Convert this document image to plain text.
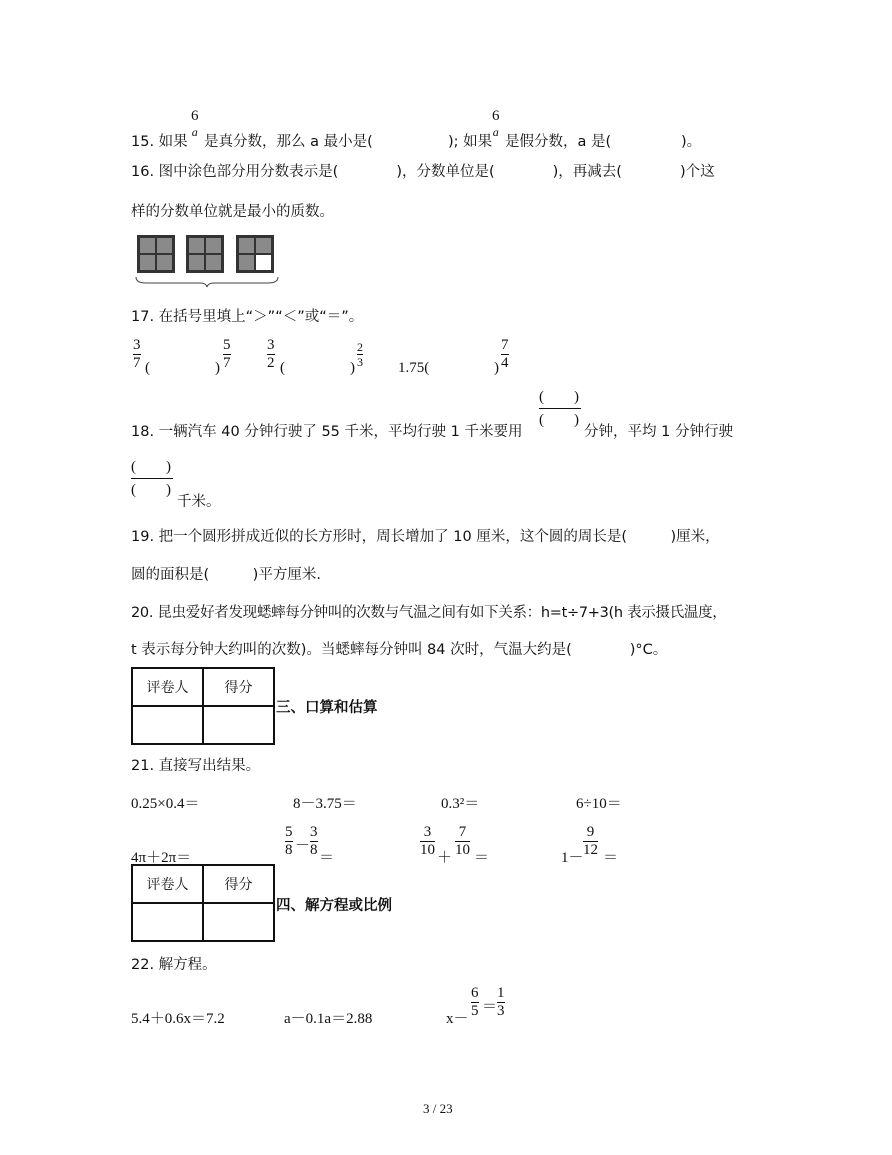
15. 如果
6
a
是真分数，那么 a 最小是(	); 如果
6
a
是假分数，a 是(	)。
16. 图中涂色部分用分数表示是(　　　　)，分数单位是(　　　　)，再减去(　　　　)个这
样的分数单位就是最小的质数。
17. 在括号里填上“＞”“＜”或“＝”。
3
7 (	)
5
7
3
2 (	)
2
3 1.75(	)
7
4
18. 一辆汽车 40 分钟行驶了 55 千米，平均行驶 1 千米要用
(　　)
(　　)
分钟，平均 1 分钟行驶
(　　)
(　　)
千米。
19. 把一个圆形拼成近似的长方形时，周长增加了 10 厘米，这个圆的周长是(　　　)厘米，
圆的面积是(　　　)平方厘米.
20. 昆虫爱好者发现蟋蟀每分钟叫的次数与气温之间有如下关系：h=t÷7+3(h 表示摄氏温度，
t 表示每分钟大约叫的次数)。当蟋蟀每分钟叫 84 次时，气温大约是(　　　　)°C。
评卷人	得分

三、口算和估算
21. 直接写出结果。
0.25×0.4＝	8－3.75＝	0.3²＝	6÷10＝
4π＋2π＝
5
8 －
3
8 ＝
3
10 ＋
7
10 ＝	1－
9
12 ＝
评卷人	得分

四、解方程或比例
22. 解方程。
5.4＋0.6x＝7.2	a－0.1a＝2.88	x－
6
5 ＝
1
3
3 / 23
